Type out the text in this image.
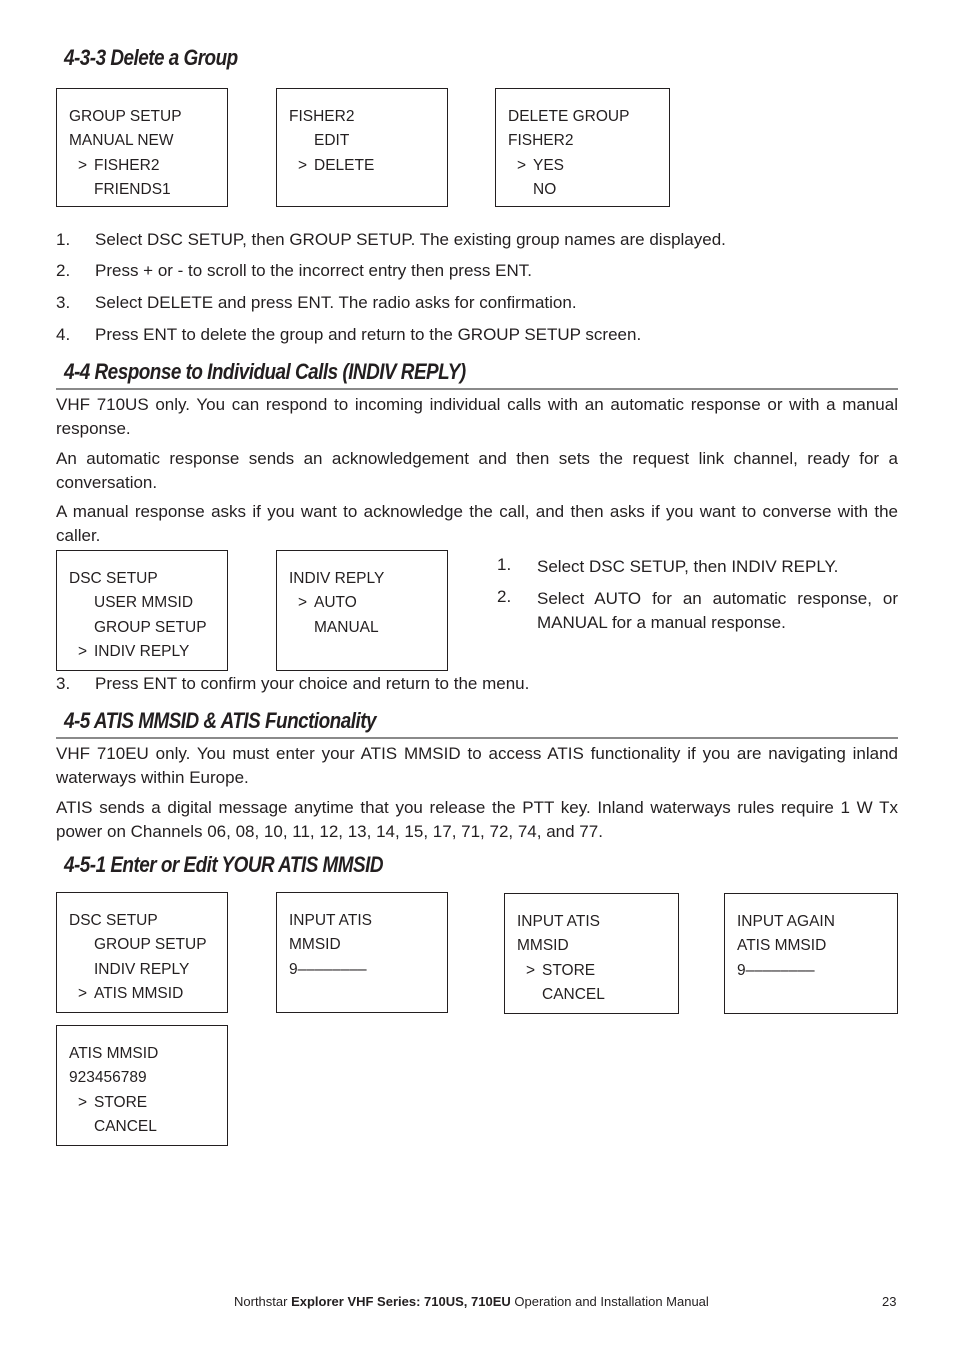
4-3-3 Delete a Group
GROUP SETUP
MANUAL NEW
> FISHER2
FRIENDS1
FISHER2
EDIT
> DELETE
DELETE GROUP
FISHER2
> YES
NO
1. Select DSC SETUP, then GROUP SETUP. The existing group names are displayed.
2. Press + or - to scroll to the incorrect entry then press ENT.
3. Select DELETE and press ENT. The radio asks for confirmation.
4. Press ENT to delete the group and return to the GROUP SETUP screen.
4-4 Response to Individual Calls (INDIV REPLY)

VHF 710US only. You can respond to incoming individual calls with an automatic response or with a manual response.

An automatic response sends an acknowledgement and then sets the request link channel, ready for a conversation.

A manual response asks if you want to acknowledge the call, and then asks if you want to converse with the caller.

DSC SETUP
USER MMSID
GROUP SETUP
> INDIV REPLY
INDIV REPLY
> AUTO
MANUAL
1. Select DSC SETUP, then INDIV REPLY.

2. Select AUTO for an automatic response, or MANUAL for a manual response.

3. Press ENT to confirm your choice and return to the menu.
4-5 ATIS MMSID & ATIS Functionality

VHF 710EU only. You must enter your ATIS MMSID to access ATIS functionality if you are navigating inland waterways within Europe.

ATIS sends a digital message anytime that you release the PTT key. Inland waterways rules require 1 W Tx power on Channels 06, 08, 10, 11, 12, 13, 14, 15, 17, 71, 72, 74, and 77.

4-5-1 Enter or Edit YOUR ATIS MMSID
DSC SETUP
GROUP SETUP
INDIV REPLY
> ATIS MMSID
INPUT ATIS
MMSID
9––––––––
INPUT ATIS
MMSID
> STORE
CANCEL
INPUT AGAIN
ATIS MMSID
9––––––––
ATIS MMSID
923456789
> STORE
CANCEL
Northstar Explorer VHF Series: 710US, 710EU Operation and Installation Manual	23
